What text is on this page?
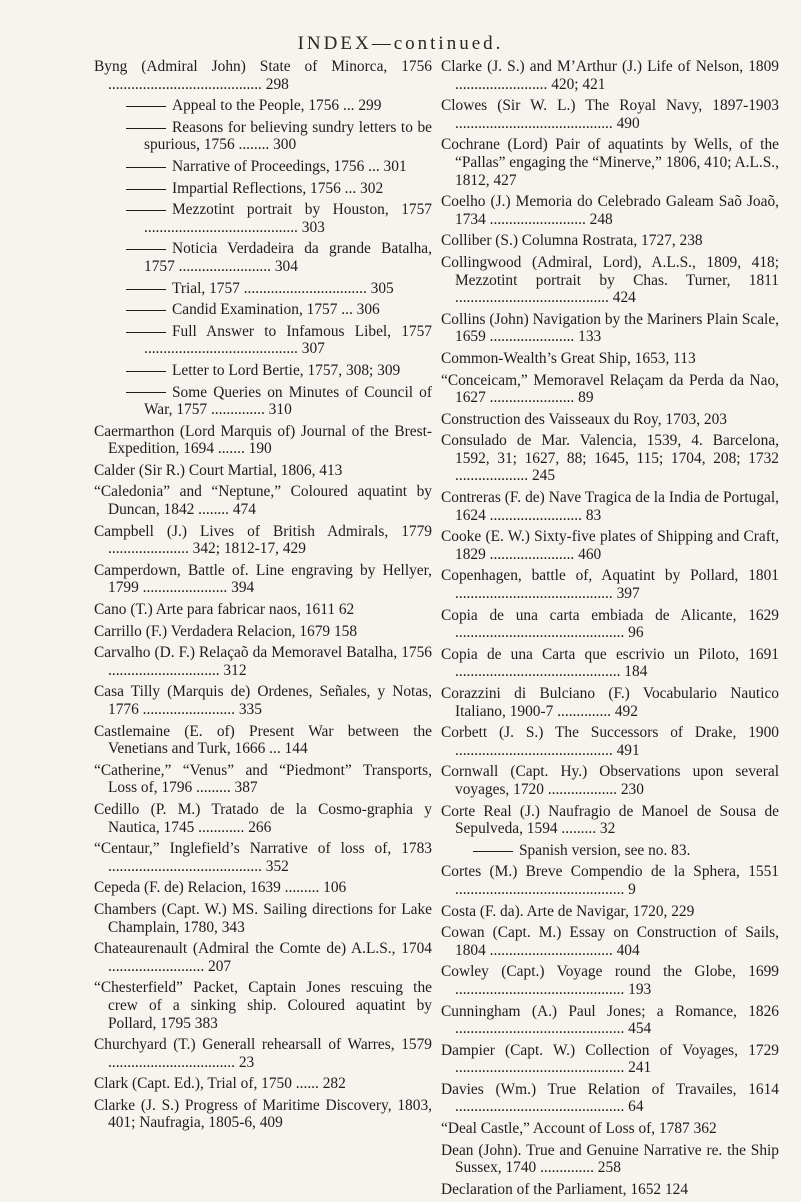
INDEX—continued.

Byng (Admiral John) State of Minorca, 1756 ........................................ 298

Appeal to the People, 1756 ... 299

Reasons for believing sundry letters to be spurious, 1756 ........ 300

Narrative of Proceedings, 1756 ... 301

Impartial Reflections, 1756 ... 302

Mezzotint portrait by Houston, 1757 ........................................ 303

Noticia Verdadeira da grande Batalha, 1757 ........................ 304

Trial, 1757 ................................ 305

Candid Examination, 1757 ... 306

Full Answer to Infamous Libel, 1757 ........................................ 307

Letter to Lord Bertie, 1757, 308; 309

Some Queries on Minutes of Council of War, 1757 .............. 310

Caermarthon (Lord Marquis of) Journal of the Brest-Expedition, 1694 ....... 190

Calder (Sir R.) Court Martial, 1806, 413

“Caledonia” and “Neptune,” Coloured aquatint by Duncan, 1842 ........ 474

Campbell (J.) Lives of British Admirals, 1779 ..................... 342; 1812-17, 429

Camperdown, Battle of. Line engraving by Hellyer, 1799 ...................... 394

Cano (T.) Arte para fabricar naos, 1611 62

Carrillo (F.) Verdadera Relacion, 1679 158

Carvalho (D. F.) Relaçaõ da Memoravel Batalha, 1756 ............................. 312

Casa Tilly (Marquis de) Ordenes, Señales, y Notas, 1776 ........................ 335

Castlemaine (E. of) Present War between the Venetians and Turk, 1666 ... 144

“Catherine,” “Venus” and “Piedmont” Transports, Loss of, 1796 ......... 387

Cedillo (P. M.) Tratado de la Cosmo-graphia y Nautica, 1745 ............ 266

“Centaur,” Inglefield’s Narrative of loss of, 1783 ........................................ 352

Cepeda (F. de) Relacion, 1639 ......... 106

Chambers (Capt. W.) MS. Sailing directions for Lake Champlain, 1780, 343

Chateaurenault (Admiral the Comte de) A.L.S., 1704 ......................... 207

“Chesterfield” Packet, Captain Jones rescuing the crew of a sinking ship. Coloured aquatint by Pollard, 1795 383

Churchyard (T.) Generall rehearsall of Warres, 1579 ................................. 23

Clark (Capt. Ed.), Trial of, 1750 ...... 282

Clarke (J. S.) Progress of Maritime Discovery, 1803, 401; Naufragia, 1805-6, 409

Clarke (J. S.) and M’Arthur (J.) Life of Nelson, 1809 ........................ 420; 421

Clowes (Sir W. L.) The Royal Navy, 1897-1903 ......................................... 490

Cochrane (Lord) Pair of aquatints by Wells, of the “Pallas” engaging the “Minerve,” 1806, 410; A.L.S., 1812, 427

Coelho (J.) Memoria do Celebrado Galeam Saõ Joaõ, 1734 ......................... 248

Colliber (S.) Columna Rostrata, 1727, 238

Collingwood (Admiral, Lord), A.L.S., 1809, 418; Mezzotint portrait by Chas. Turner, 1811 ........................................ 424

Collins (John) Navigation by the Mariners Plain Scale, 1659 ...................... 133

Common-Wealth’s Great Ship, 1653, 113

“Conceicam,” Memoravel Relaçam da Perda da Nao, 1627 ...................... 89

Construction des Vaisseaux du Roy, 1703, 203

Consulado de Mar. Valencia, 1539, 4. Barcelona, 1592, 31; 1627, 88; 1645, 115; 1704, 208; 1732 ................... 245

Contreras (F. de) Nave Tragica de la India de Portugal, 1624 ........................ 83

Cooke (E. W.) Sixty-five plates of Shipping and Craft, 1829 ...................... 460

Copenhagen, battle of, Aquatint by Pollard, 1801 ......................................... 397

Copia de una carta embiada de Alicante, 1629 ............................................ 96

Copia de una Carta que escrivio un Piloto, 1691 ........................................... 184

Corazzini di Bulciano (F.) Vocabulario Nautico Italiano, 1900-7 .............. 492

Corbett (J. S.) The Successors of Drake, 1900 ......................................... 491

Cornwall (Capt. Hy.) Observations upon several voyages, 1720 .................. 230

Corte Real (J.) Naufragio de Manoel de Sousa de Sepulveda, 1594 ......... 32

Spanish version, see no. 83.

Cortes (M.) Breve Compendio de la Sphera, 1551 ............................................ 9

Costa (F. da). Arte de Navigar, 1720, 229

Cowan (Capt. M.) Essay on Construction of Sails, 1804 ................................ 404

Cowley (Capt.) Voyage round the Globe, 1699 ............................................ 193

Cunningham (A.) Paul Jones; a Romance, 1826 ............................................ 454

Dampier (Capt. W.) Collection of Voyages, 1729 ............................................ 241

Davies (Wm.) True Relation of Travailes, 1614 ............................................ 64

“Deal Castle,” Account of Loss of, 1787 362

Dean (John). True and Genuine Narrative re. the Ship Sussex, 1740 .............. 258

Declaration of the Parliament, 1652 124
